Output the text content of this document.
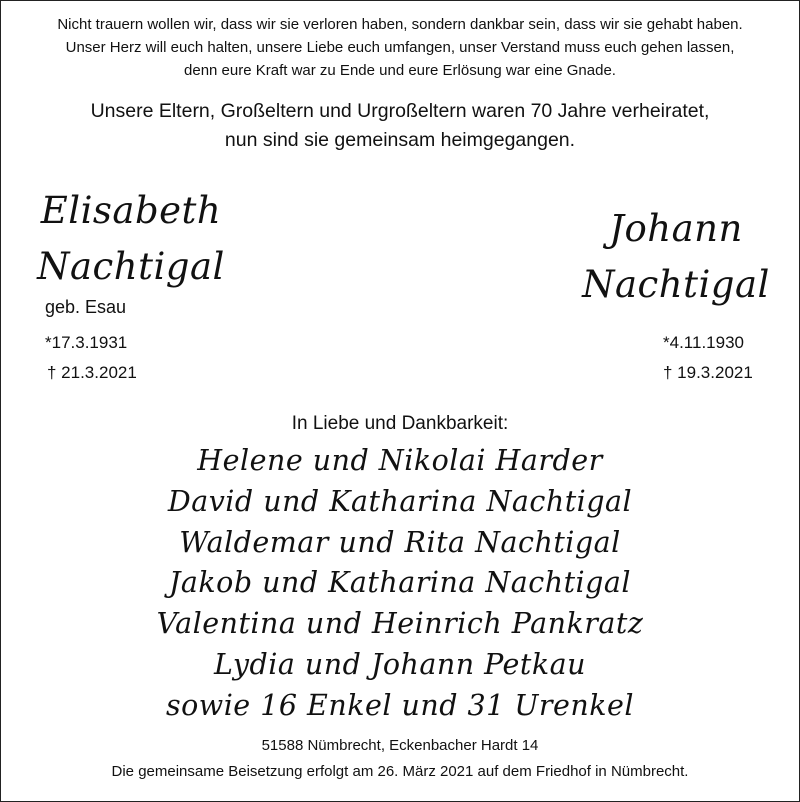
Nicht trauern wollen wir, dass wir sie verloren haben, sondern dankbar sein, dass wir sie gehabt haben.
Unser Herz will euch halten, unsere Liebe euch umfangen, unser Verstand muss euch gehen lassen,
denn eure Kraft war zu Ende und eure Erlösung war eine Gnade.
Unsere Eltern, Großeltern und Urgroßeltern waren 70 Jahre verheiratet,
nun sind sie gemeinsam heimgegangen.
Elisabeth
Nachtigal
geb. Esau
*17.3.1931
† 21.3.2021
Johann
Nachtigal
*4.11.1930
† 19.3.2021
In Liebe und Dankbarkeit:
Helene und Nikolai Harder
David und Katharina Nachtigal
Waldemar und Rita Nachtigal
Jakob und Katharina Nachtigal
Valentina und Heinrich Pankratz
Lydia und Johann Petkau
sowie 16 Enkel und 31 Urenkel
51588 Nümbrecht, Eckenbacher Hardt 14
Die gemeinsame Beisetzung erfolgt am 26. März 2021 auf dem Friedhof in Nümbrecht.
